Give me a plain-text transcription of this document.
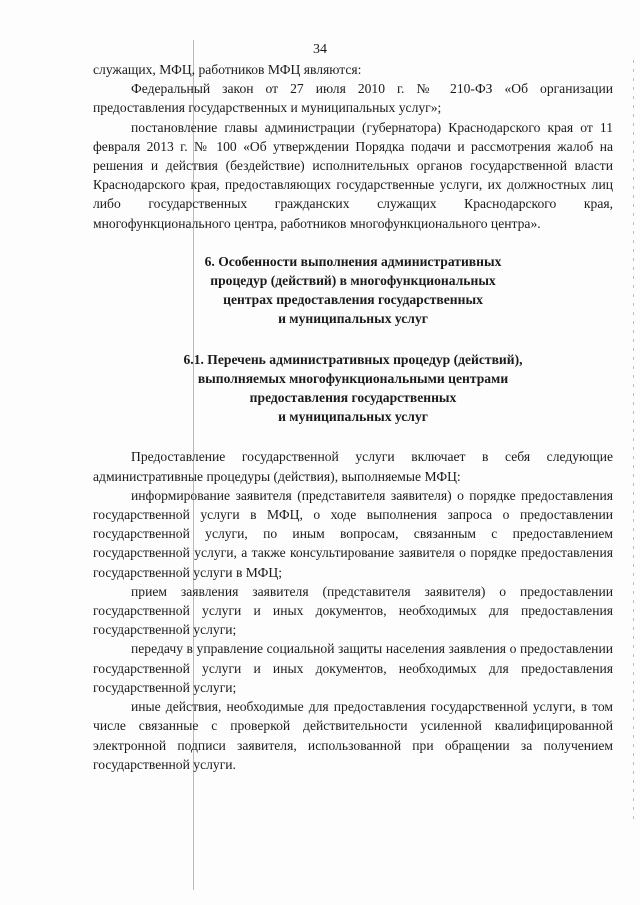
34

служащих, МФЦ, работников МФЦ являются:

Федеральный закон от 27 июля 2010 г. № 210-ФЗ «Об организации предоставления государственных и муниципальных услуг»;

постановление главы администрации (губернатора) Краснодарского края от 11 февраля 2013 г. № 100 «Об утверждении Порядка подачи и рассмотрения жалоб на решения и действия (бездействие) исполнительных органов государственной власти Краснодарского края, предоставляющих государственные услуги, их должностных лиц либо государственных гражданских служащих Краснодарского края, многофункционального центра, работников многофункционального центра».

6. Особенности выполнения административных
процедур (действий) в многофункциональных
центрах предоставления государственных
и муниципальных услуг
6.1. Перечень административных процедур (действий),
выполняемых многофункциональными центрами
предоставления государственных
и муниципальных услуг

Предоставление государственной услуги включает в себя следующие административные процедуры (действия), выполняемые МФЦ:

информирование заявителя (представителя заявителя) о порядке предоставления государственной услуги в МФЦ, о ходе выполнения запроса о предоставлении государственной услуги, по иным вопросам, связанным с предоставлением государственной услуги, а также консультирование заявителя о порядке предоставления государственной услуги в МФЦ;

прием заявления заявителя (представителя заявителя) о предоставлении государственной услуги и иных документов, необходимых для предоставления государственной услуги;

передачу в управление социальной защиты населения заявления о предоставлении государственной услуги и иных документов, необходимых для предоставления государственной услуги;

иные действия, необходимые для предоставления государственной услуги, в том числе связанные с проверкой действительности усиленной квалифицированной электронной подписи заявителя, использованной при обращении за получением государственной услуги.
